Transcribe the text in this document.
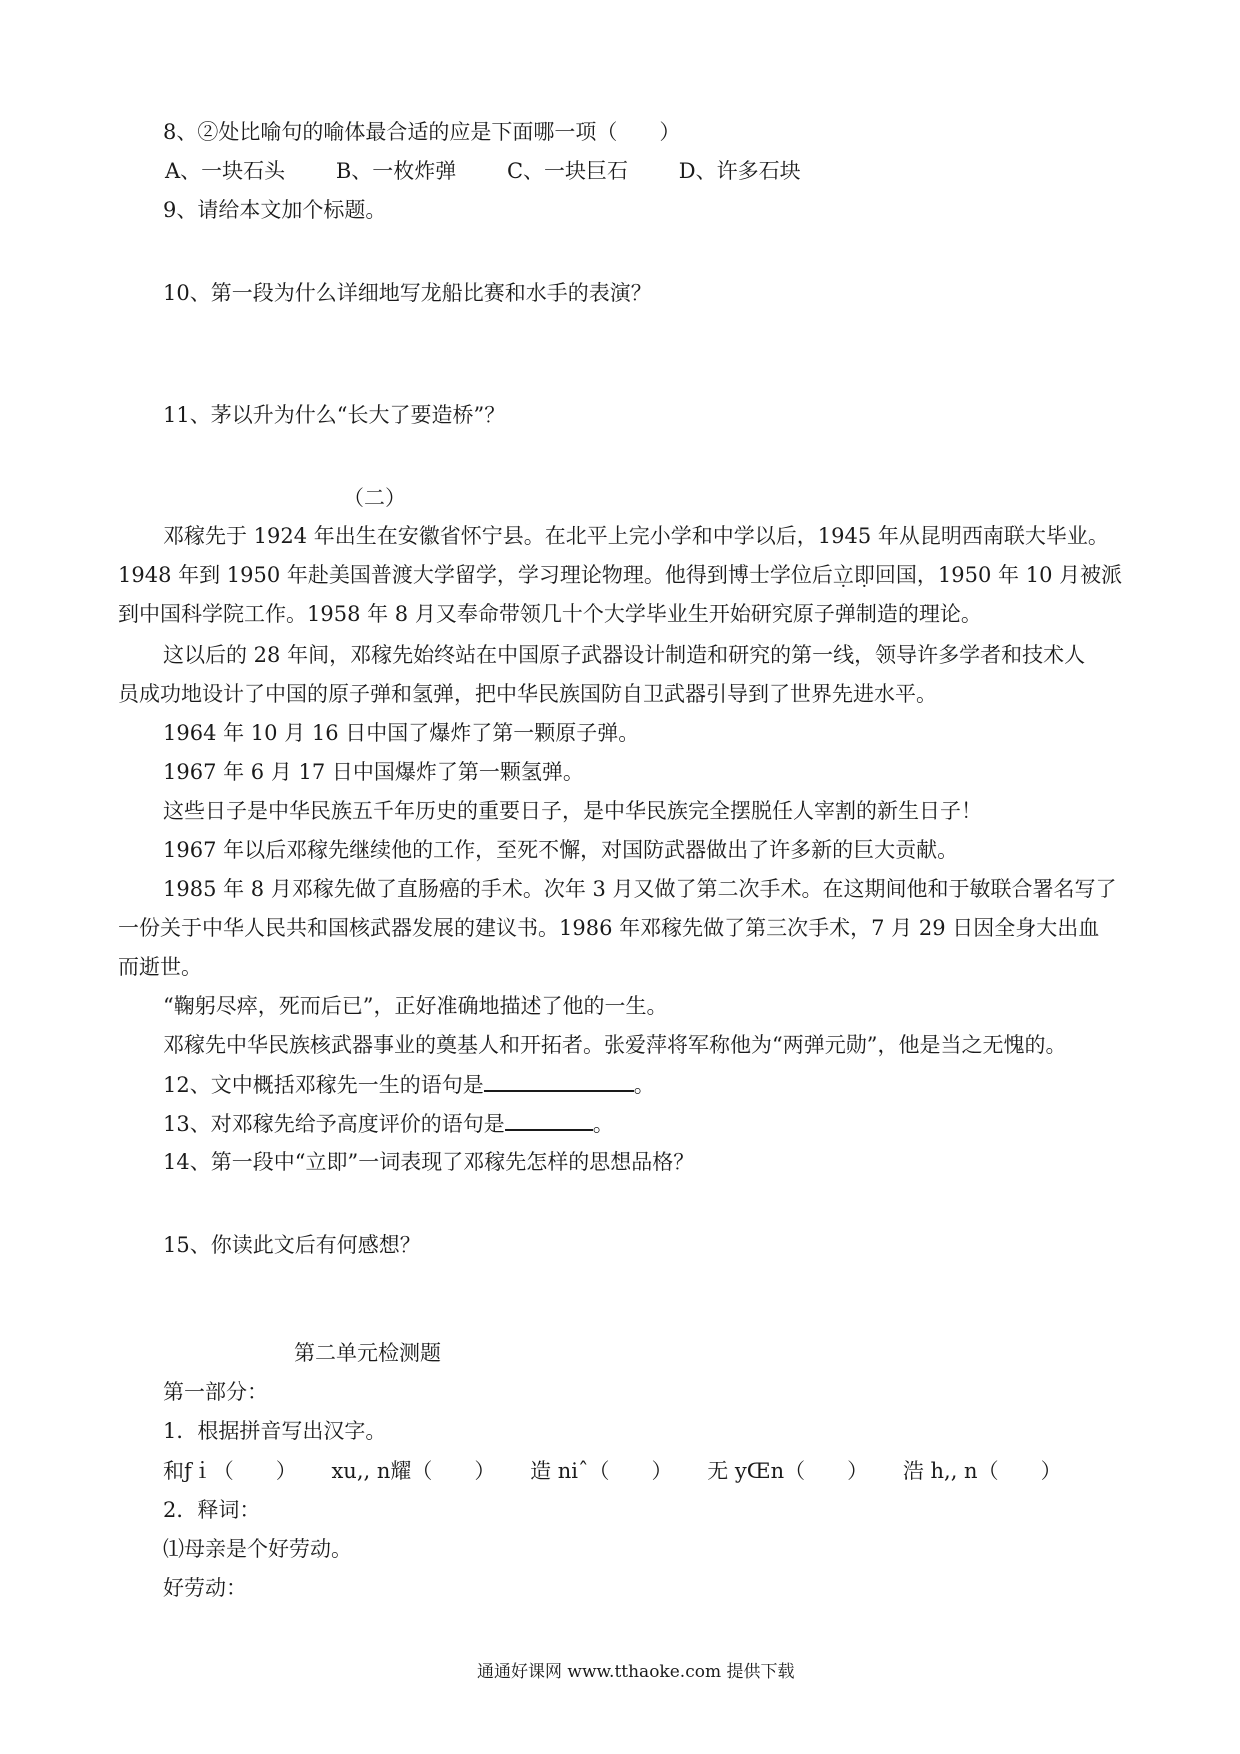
8、②处比喻句的喻体最合适的应是下面哪一项（　　）
A、一块石头 B、一枚炸弹 C、一块巨石 D、许多石块
9、请给本文加个标题。
10、第一段为什么详细地写龙船比赛和水手的表演？
11、茅以升为什么“长大了要造桥”？
（二）
邓稼先于 1924 年出生在安徽省怀宁县。在北平上完小学和中学以后，1945 年从昆明西南联大毕业。
1948 年到 1950 年赴美国普渡大学留学，学习理论物理。他得到博士学位后立即回国，1950 年 10 月被派
到中国科学院工作。1958 年 8 月又奉命带领几十个大学毕业生开始研究原子弹制造的理论。
这以后的 28 年间，邓稼先始终站在中国原子武器设计制造和研究的第一线，领导许多学者和技术人
员成功地设计了中国的原子弹和氢弹，把中华民族国防自卫武器引导到了世界先进水平。
1964 年 10 月 16 日中国了爆炸了第一颗原子弹。
1967 年 6 月 17 日中国爆炸了第一颗氢弹。
这些日子是中华民族五千年历史的重要日子，是中华民族完全摆脱任人宰割的新生日子！
1967 年以后邓稼先继续他的工作，至死不懈，对国防武器做出了许多新的巨大贡献。
1985 年 8 月邓稼先做了直肠癌的手术。次年 3 月又做了第二次手术。在这期间他和于敏联合署名写了
一份关于中华人民共和国核武器发展的建议书。1986 年邓稼先做了第三次手术，7 月 29 日因全身大出血
而逝世。
“鞠躬尽瘁，死而后已”，正好准确地描述了他的一生。
邓稼先中华民族核武器事业的奠基人和开拓者。张爱萍将军称他为“两弹元勋”，他是当之无愧的。
12、文中概括邓稼先一生的语句是	。
13、对邓稼先给予高度评价的语句是	。
14、第一段中“立即”一词表现了邓稼先怎样的思想品格？
15、你读此文后有何感想？
第二单元检测题
第一部分：
1．根据拼音写出汉字。
和ƒｉ（　　） xu,, n耀（　　） 造 niˆ（　　） 无 yŒn（　　） 浩 h,, n（　　）
2．释词：
⑴母亲是个好劳动。
好劳动：
通通好课网 www.tthaoke.com 提供下载
